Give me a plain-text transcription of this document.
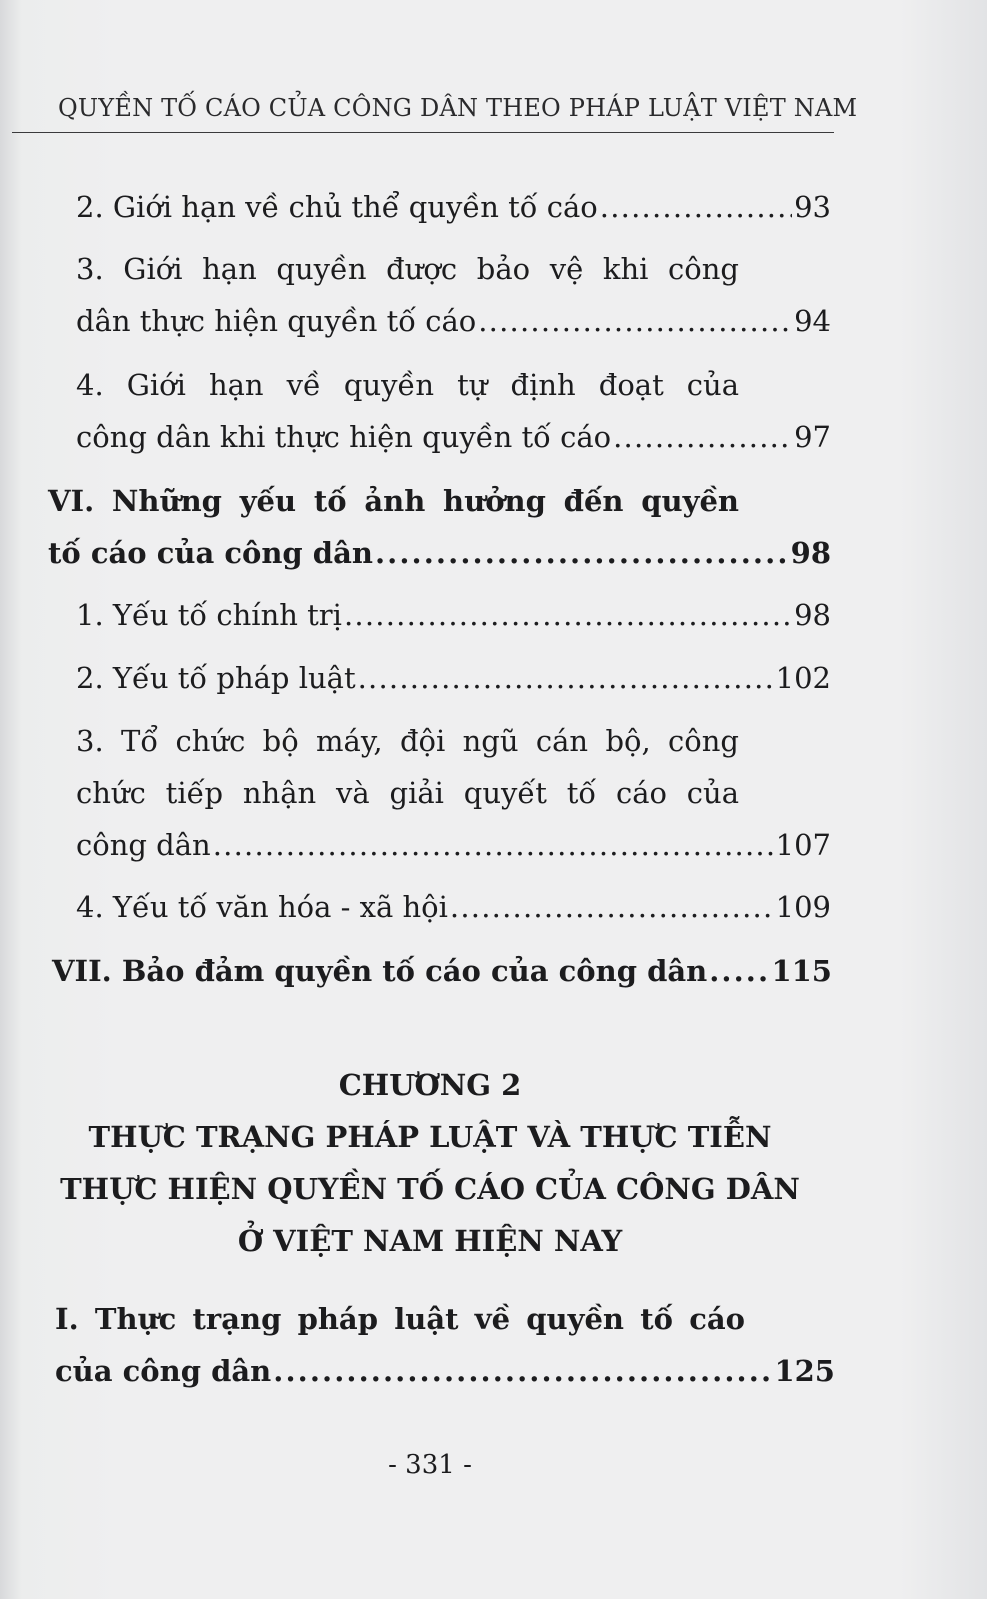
QUYỀN TỐ CÁO CỦA CÔNG DÂN THEO PHÁP LUẬT VIỆT NAM
2. Giới hạn về chủ thể quyền tố cáo . . .	93
3. Giới hạn quyền được bảo vệ khi công
dân thực hiện quyền tố cáo . . .	94
4. Giới hạn về quyền tự định đoạt của
công dân khi thực hiện quyền tố cáo . . .	97
VI. Những yếu tố ảnh hưởng đến quyền
tố cáo của công dân . . .	98
1. Yếu tố chính trị . . .	98
2. Yếu tố pháp luật . . .	102
3. Tổ chức bộ máy, đội ngũ cán bộ, công
chức tiếp nhận và giải quyết tố cáo của
công dân . . .	107
4. Yếu tố văn hóa - xã hội . . .	109
VII. Bảo đảm quyền tố cáo của công dân . . . 115
CHƯƠNG 2
THỰC TRẠNG PHÁP LUẬT VÀ THỰC TIỄN
THỰC HIỆN QUYỀN TỐ CÁO CỦA CÔNG DÂN
Ở VIỆT NAM HIỆN NAY
I. Thực trạng pháp luật về quyền tố cáo
của công dân . . .	125
- 331 -
